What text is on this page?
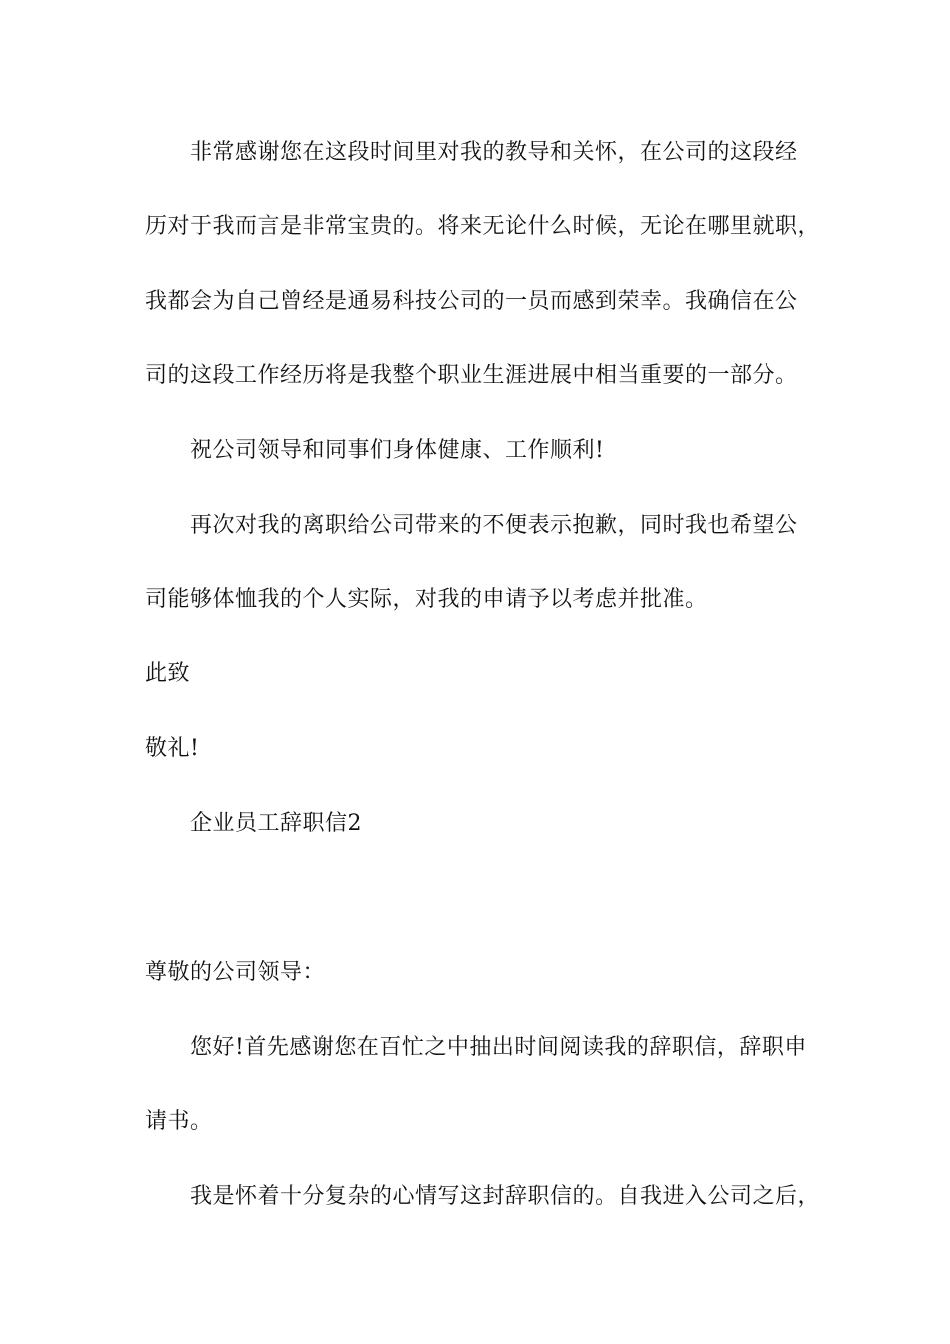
非常感谢您在这段时间里对我的教导和关怀，在公司的这段经
历对于我而言是非常宝贵的。将来无论什么时候，无论在哪里就职，
我都会为自己曾经是通易科技公司的一员而感到荣幸。我确信在公
司的这段工作经历将是我整个职业生涯进展中相当重要的一部分。
祝公司领导和同事们身体健康、工作顺利!
再次对我的离职给公司带来的不便表示抱歉，同时我也希望公
司能够体恤我的个人实际，对我的申请予以考虑并批准。
此致
敬礼!
企业员工辞职信2
尊敬的公司领导：
您好!首先感谢您在百忙之中抽出时间阅读我的辞职信，辞职申
请书。
我是怀着十分复杂的心情写这封辞职信的。自我进入公司之后，
